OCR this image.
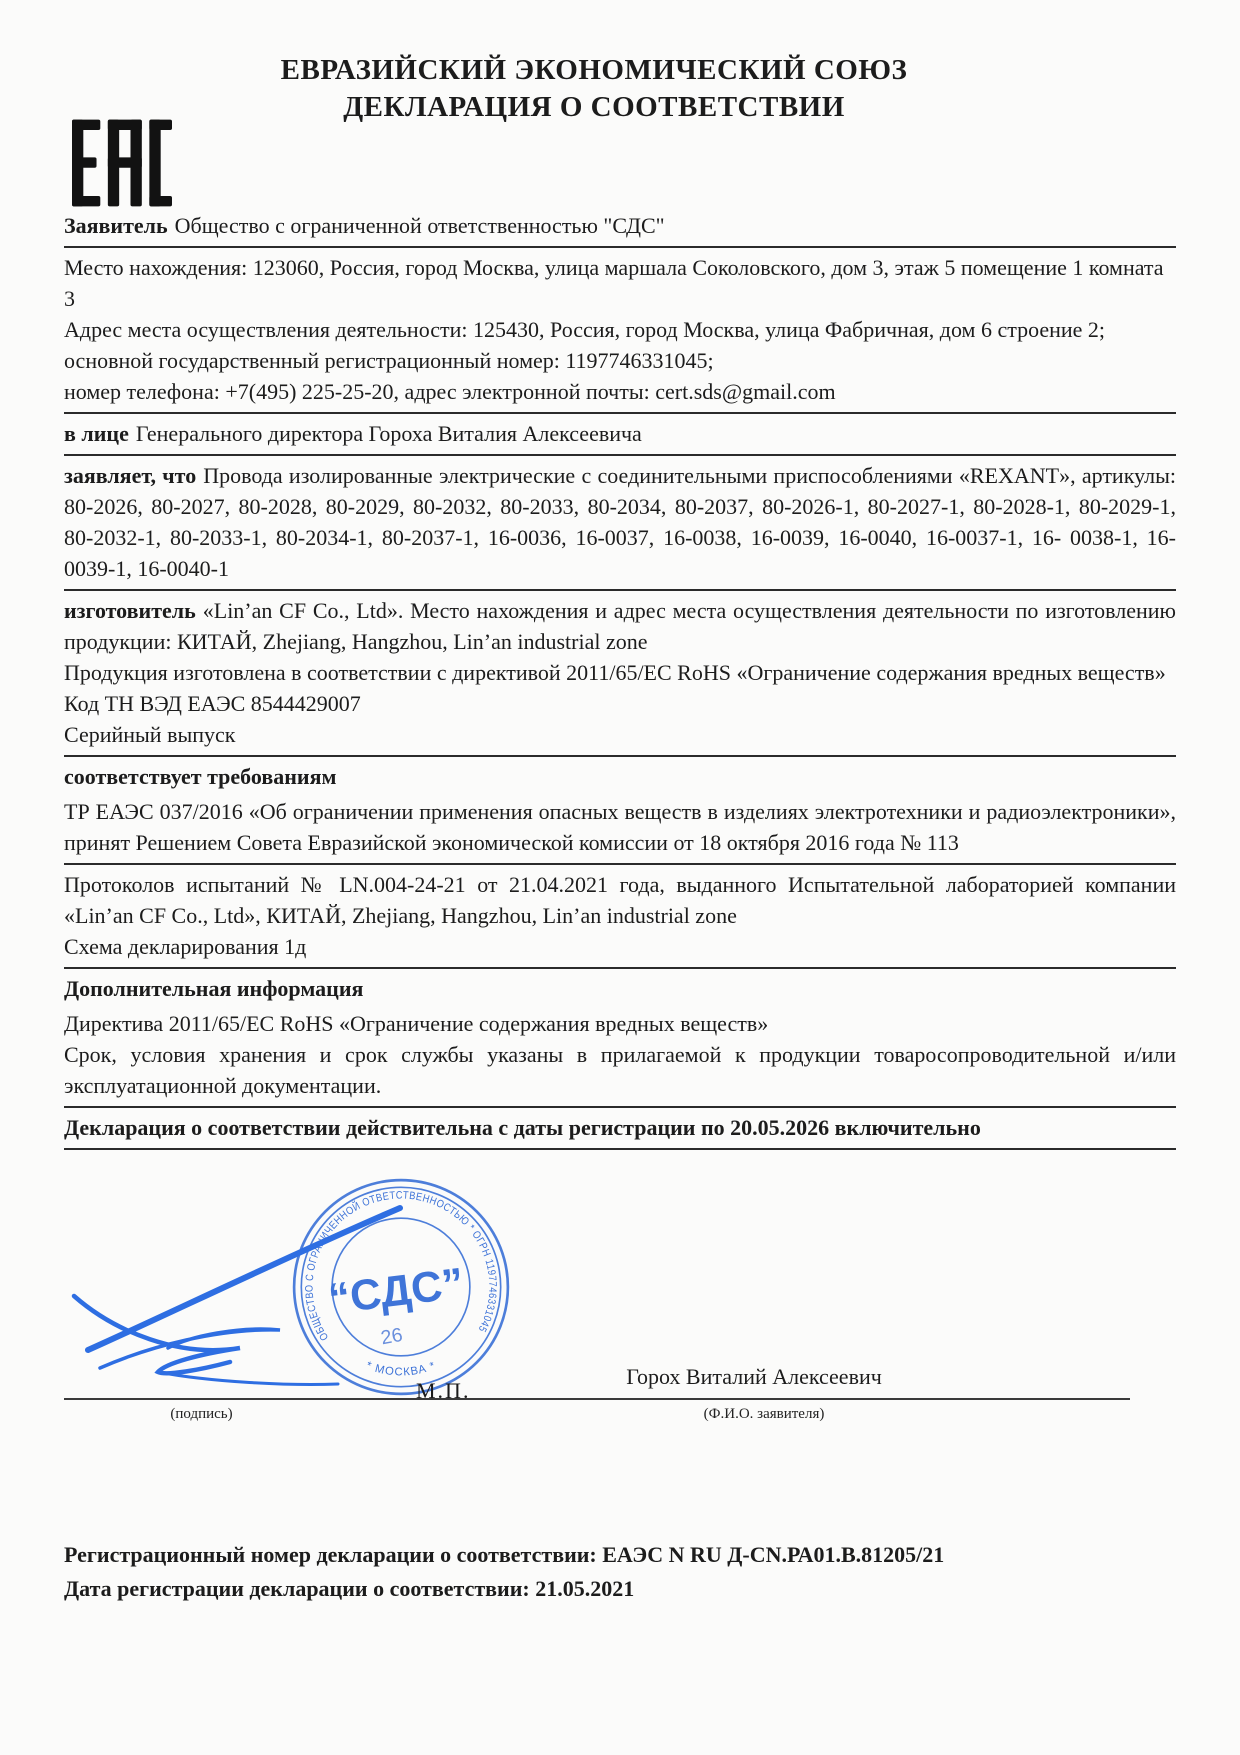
ЕВРАЗИЙСКИЙ ЭКОНОМИЧЕСКИЙ СОЮЗ

ДЕКЛАРАЦИЯ О СООТВЕТСТВИИ

Заявитель Общество с ограниченной ответственностью "СДС"

Место нахождения: 123060, Россия, город Москва, улица маршала Соколовского, дом 3, этаж 5 помещение 1 комната 3

Адрес места осуществления деятельности: 125430, Россия, город Москва, улица Фабричная, дом 6 строение 2; основной государственный регистрационный номер: 1197746331045;

номер телефона: +7(495) 225-25-20, адрес электронной почты: cert.sds@gmail.com

в лице Генерального директора Гороха Виталия Алексеевича

заявляет, что Провода изолированные электрические с соединительными приспособлениями «REXANT», артикулы: 80-2026, 80-2027, 80-2028, 80-2029, 80-2032, 80-2033, 80-2034, 80-2037, 80-2026-1, 80-2027-1, 80-2028-1, 80-2029-1, 80-2032-1, 80-2033-1, 80-2034-1, 80-2037-1, 16-0036, 16-0037, 16-0038, 16-0039, 16-0040, 16-0037-1, 16- 0038-1, 16-0039-1, 16-0040-1

изготовитель «Lin’an CF Co., Ltd». Место нахождения и адрес места осуществления деятельности по изготовлению продукции: КИТАЙ, Zhejiang, Hangzhou, Lin’an industrial zone

Продукция изготовлена в соответствии с директивой 2011/65/EC RoHS «Ограничение содержания вредных веществ»

Код ТН ВЭД ЕАЭС 8544429007

Серийный выпуск

соответствует требованиям

ТР ЕАЭС 037/2016 «Об ограничении применения опасных веществ в изделиях электротехники и радиоэлектроники», принят Решением Совета Евразийской экономической комиссии от 18 октября 2016 года № 113

Протоколов испытаний № LN.004-24-21 от 21.04.2021 года, выданного Испытательной лабораторией компании «Lin’an CF Co., Ltd», КИТАЙ, Zhejiang, Hangzhou, Lin’an industrial zone

Схема декларирования 1д

Дополнительная информация

Директива 2011/65/EC RoHS «Ограничение содержания вредных веществ»

Срок, условия хранения и срок службы указаны в прилагаемой к продукции товаросопроводительной и/или эксплуатационной документации.

Декларация о соответствии действительна с даты регистрации по 20.05.2026 включительно

ОБЩЕСТВО С ОГРАНИЧЕННОЙ ОТВЕТСТВЕННОСТЬЮ * ОГРН 1197746331045
* МОСКВА *
“СДС”
26
М.П.
Горох Виталий Алексеевич
(подпись)	(Ф.И.О. заявителя)

Регистрационный номер декларации о соответствии: ЕАЭС N RU Д-CN.РА01.В.81205/21

Дата регистрации декларации о соответствии: 21.05.2021
